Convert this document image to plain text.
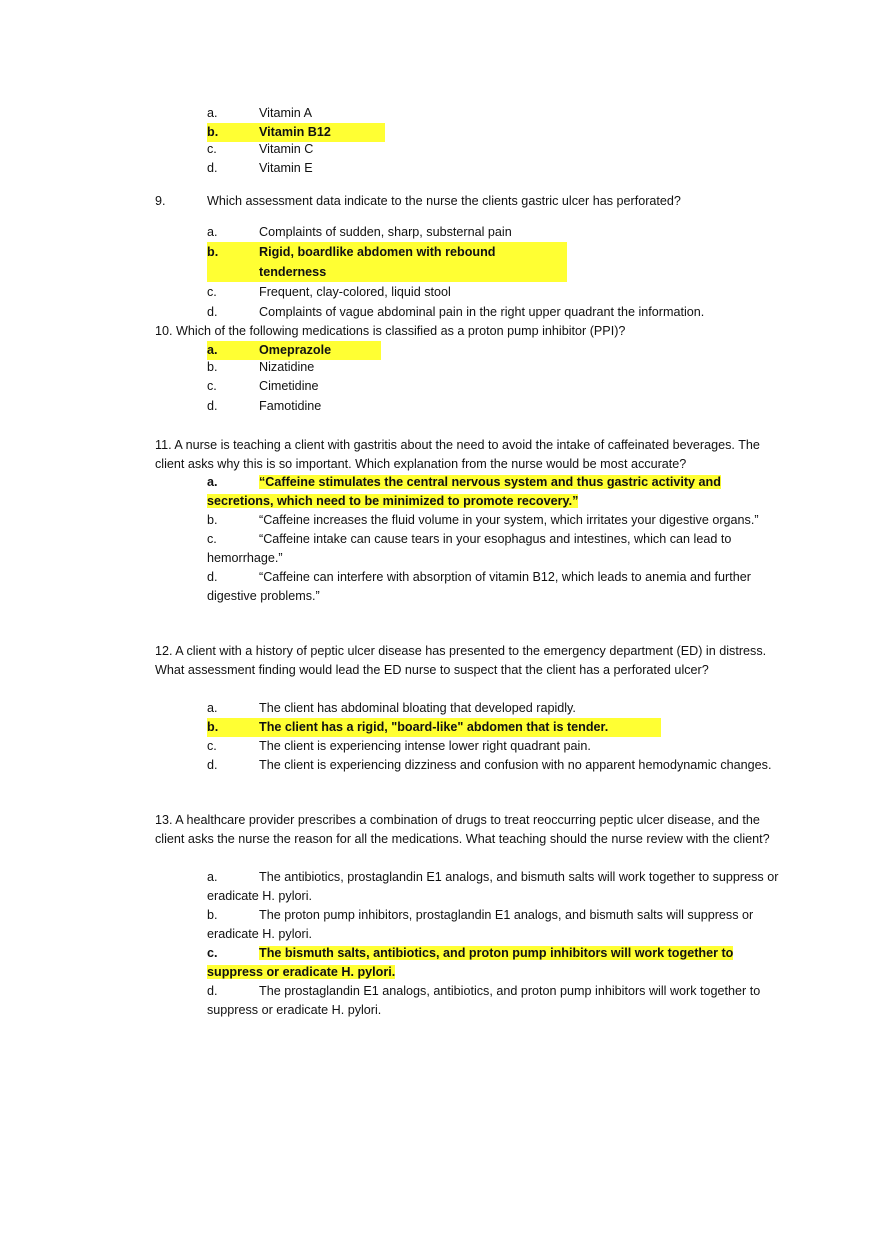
a.	Vitamin A
b.	Vitamin B12
c.	Vitamin C
d.	Vitamin E
9.	Which assessment data indicate to the nurse the clients gastric ulcer has perforated?
a.	Complaints of sudden, sharp, substernal pain
b.	Rigid, boardlike abdomen with rebound tenderness
c.	Frequent, clay-colored, liquid stool
d.	Complaints of vague abdominal pain in the right upper quadrant the information.
10. Which of the following medications is classified as a proton pump inhibitor (PPI)?
a.	Omeprazole
b.	Nizatidine
c.	Cimetidine
d.	Famotidine
11. A nurse is teaching a client with gastritis about the need to avoid the intake of caffeinated beverages. The client asks why this is so important. Which explanation from the nurse would be most accurate?
a.	“Caffeine stimulates the central nervous system and thus gastric activity and secretions, which need to be minimized to promote recovery.”
b.	“Caffeine increases the fluid volume in your system, which irritates your digestive organs.”
c.	“Caffeine intake can cause tears in your esophagus and intestines, which can lead to hemorrhage.”
d.	“Caffeine can interfere with absorption of vitamin B12, which leads to anemia and further digestive problems.”
12. A client with a history of peptic ulcer disease has presented to the emergency department (ED) in distress. What assessment finding would lead the ED nurse to suspect that the client has a perforated ulcer?
a.	The client has abdominal bloating that developed rapidly.
b.	The client has a rigid, "board-like" abdomen that is tender.
c.	The client is experiencing intense lower right quadrant pain.
d.	The client is experiencing dizziness and confusion with no apparent hemodynamic changes.
13. A healthcare provider prescribes a combination of drugs to treat reoccurring peptic ulcer disease, and the client asks the nurse the reason for all the medications. What teaching should the nurse review with the client?
a.	The antibiotics, prostaglandin E1 analogs, and bismuth salts will work together to suppress or eradicate H. pylori.
b.	The proton pump inhibitors, prostaglandin E1 analogs, and bismuth salts will suppress or eradicate H. pylori.
c.	The bismuth salts, antibiotics, and proton pump inhibitors will work together to suppress or eradicate H. pylori.
d.	The prostaglandin E1 analogs, antibiotics, and proton pump inhibitors will work together to suppress or eradicate H. pylori.
